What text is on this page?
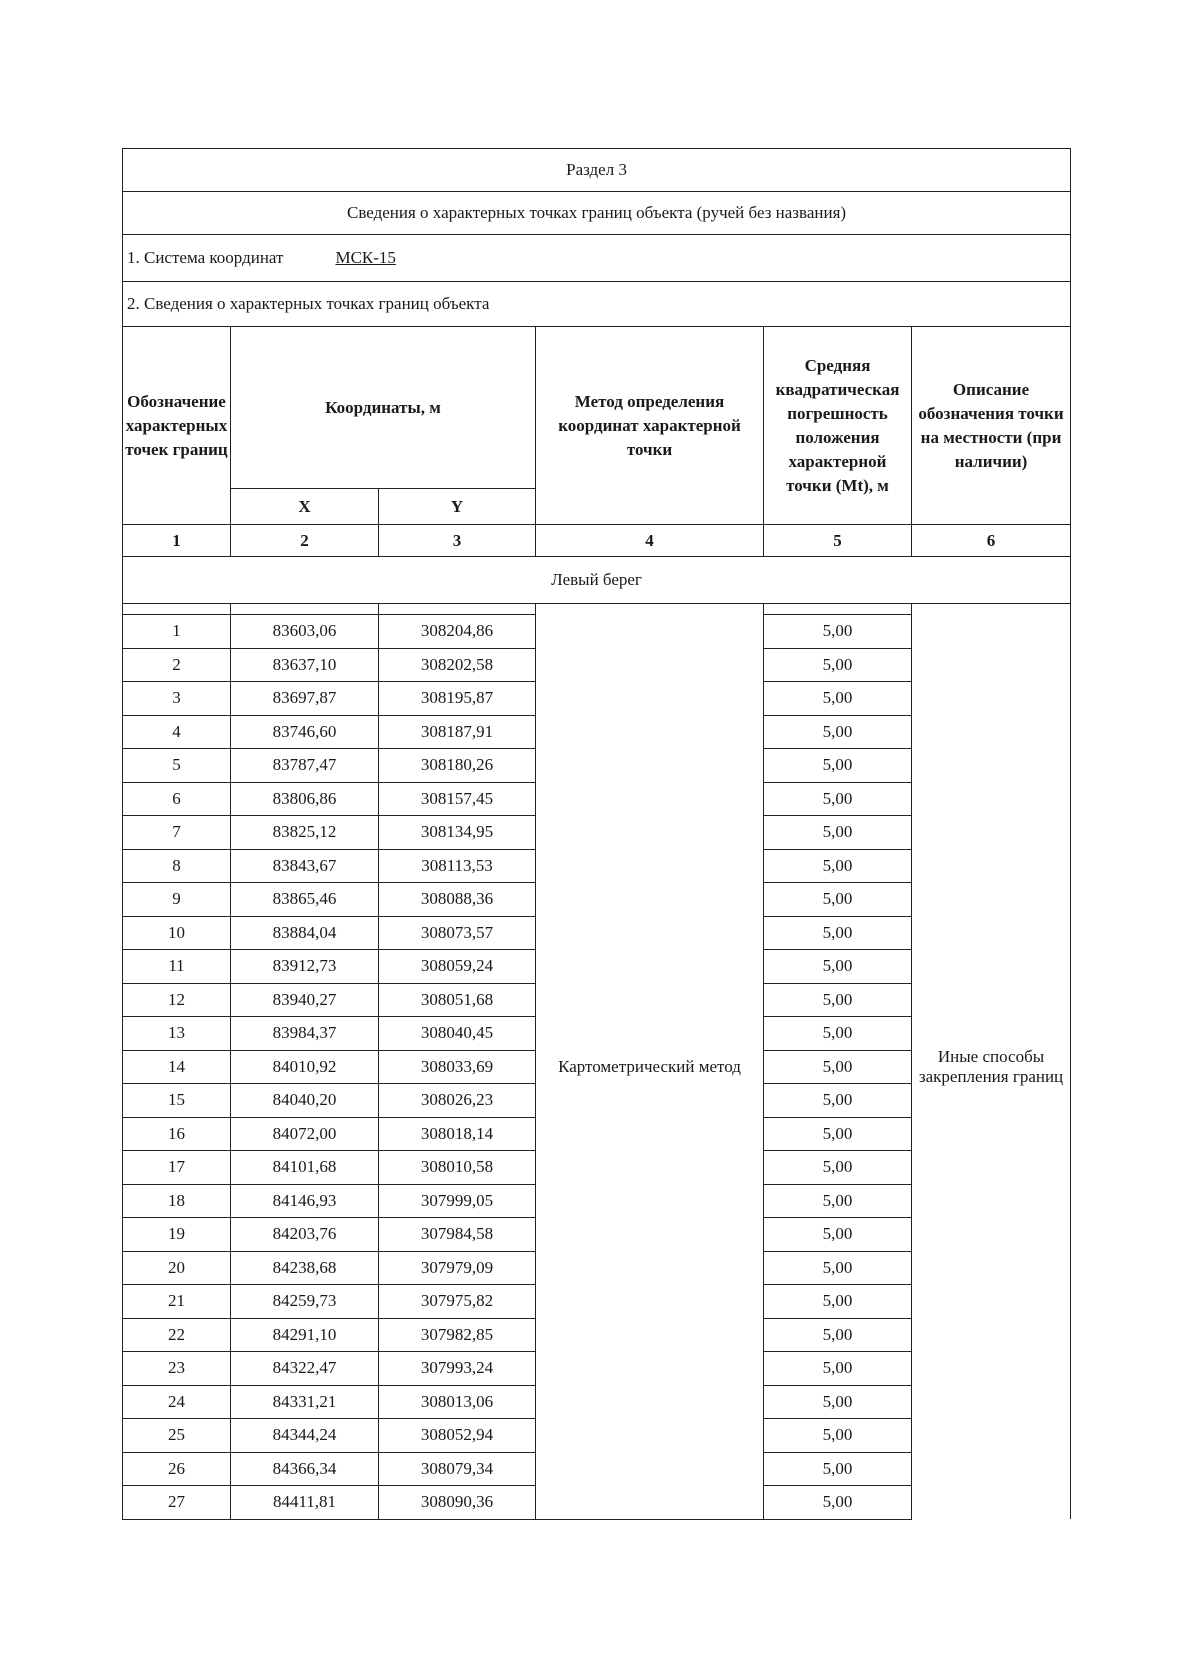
Раздел 3					
Сведения о характерных точках границ объекта (ручей без названия)					
1. Система координат МСК-15					
2. Сведения о характерных точках границ объекта					
Обозначение характерных точек границ	Координаты, м		Метод определения координат характерной точки	Средняя квадратическая погрешность положения характерной точки (Mt), м	Описание обозначения точки на местности (при наличии)
	X	Y			
1	2	3	4	5	6
Левый берег					

1	83603,06	308204,86	Картометрический метод	5,00	Иные способы закрепления границ
2	83637,10	308202,58		5,00	
3	83697,87	308195,87		5,00	
4	83746,60	308187,91		5,00	
5	83787,47	308180,26		5,00	
6	83806,86	308157,45		5,00	
7	83825,12	308134,95		5,00	
8	83843,67	308113,53		5,00	
9	83865,46	308088,36		5,00	
10	83884,04	308073,57		5,00	
11	83912,73	308059,24		5,00	
12	83940,27	308051,68		5,00	
13	83984,37	308040,45		5,00	
14	84010,92	308033,69		5,00	
15	84040,20	308026,23		5,00	
16	84072,00	308018,14		5,00	
17	84101,68	308010,58		5,00	
18	84146,93	307999,05		5,00	
19	84203,76	307984,58		5,00	
20	84238,68	307979,09		5,00	
21	84259,73	307975,82		5,00	
22	84291,10	307982,85		5,00	
23	84322,47	307993,24		5,00	
24	84331,21	308013,06		5,00	
25	84344,24	308052,94		5,00	
26	84366,34	308079,34		5,00	
27	84411,81	308090,36		5,00	
